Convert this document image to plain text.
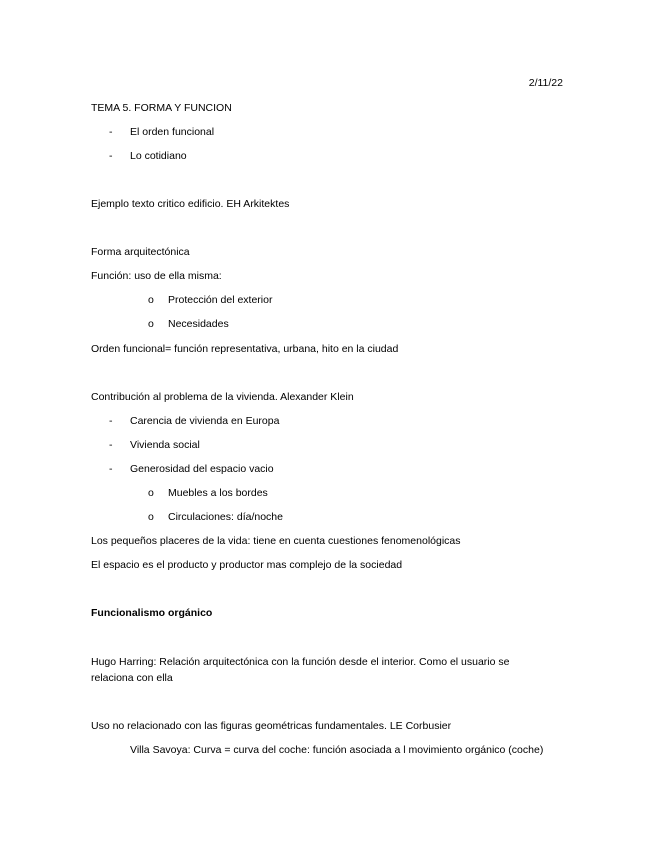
2/11/22
TEMA 5. FORMA Y FUNCION
- El orden funcional
- Lo cotidiano
Ejemplo texto critico edificio. EH Arkitektes
Forma arquitectónica
Función: uso de ella misma:
o Protección del exterior
o Necesidades
Orden funcional= función representativa, urbana, hito en la ciudad
Contribución al problema de la vivienda. Alexander Klein
- Carencia de vivienda en Europa
- Vivienda social
- Generosidad del espacio vacio
o Muebles a los bordes
o Circulaciones: día/noche
Los pequeños placeres de la vida: tiene en cuenta cuestiones fenomenológicas
El espacio es el producto y productor mas complejo de la sociedad
Funcionalismo orgánico
Hugo Harring: Relación arquitectónica con la función desde el interior. Como el usuario se
relaciona con ella
Uso no relacionado con las figuras geométricas fundamentales. LE Corbusier
Villa Savoya: Curva = curva del coche: función asociada a l movimiento orgánico (coche)
